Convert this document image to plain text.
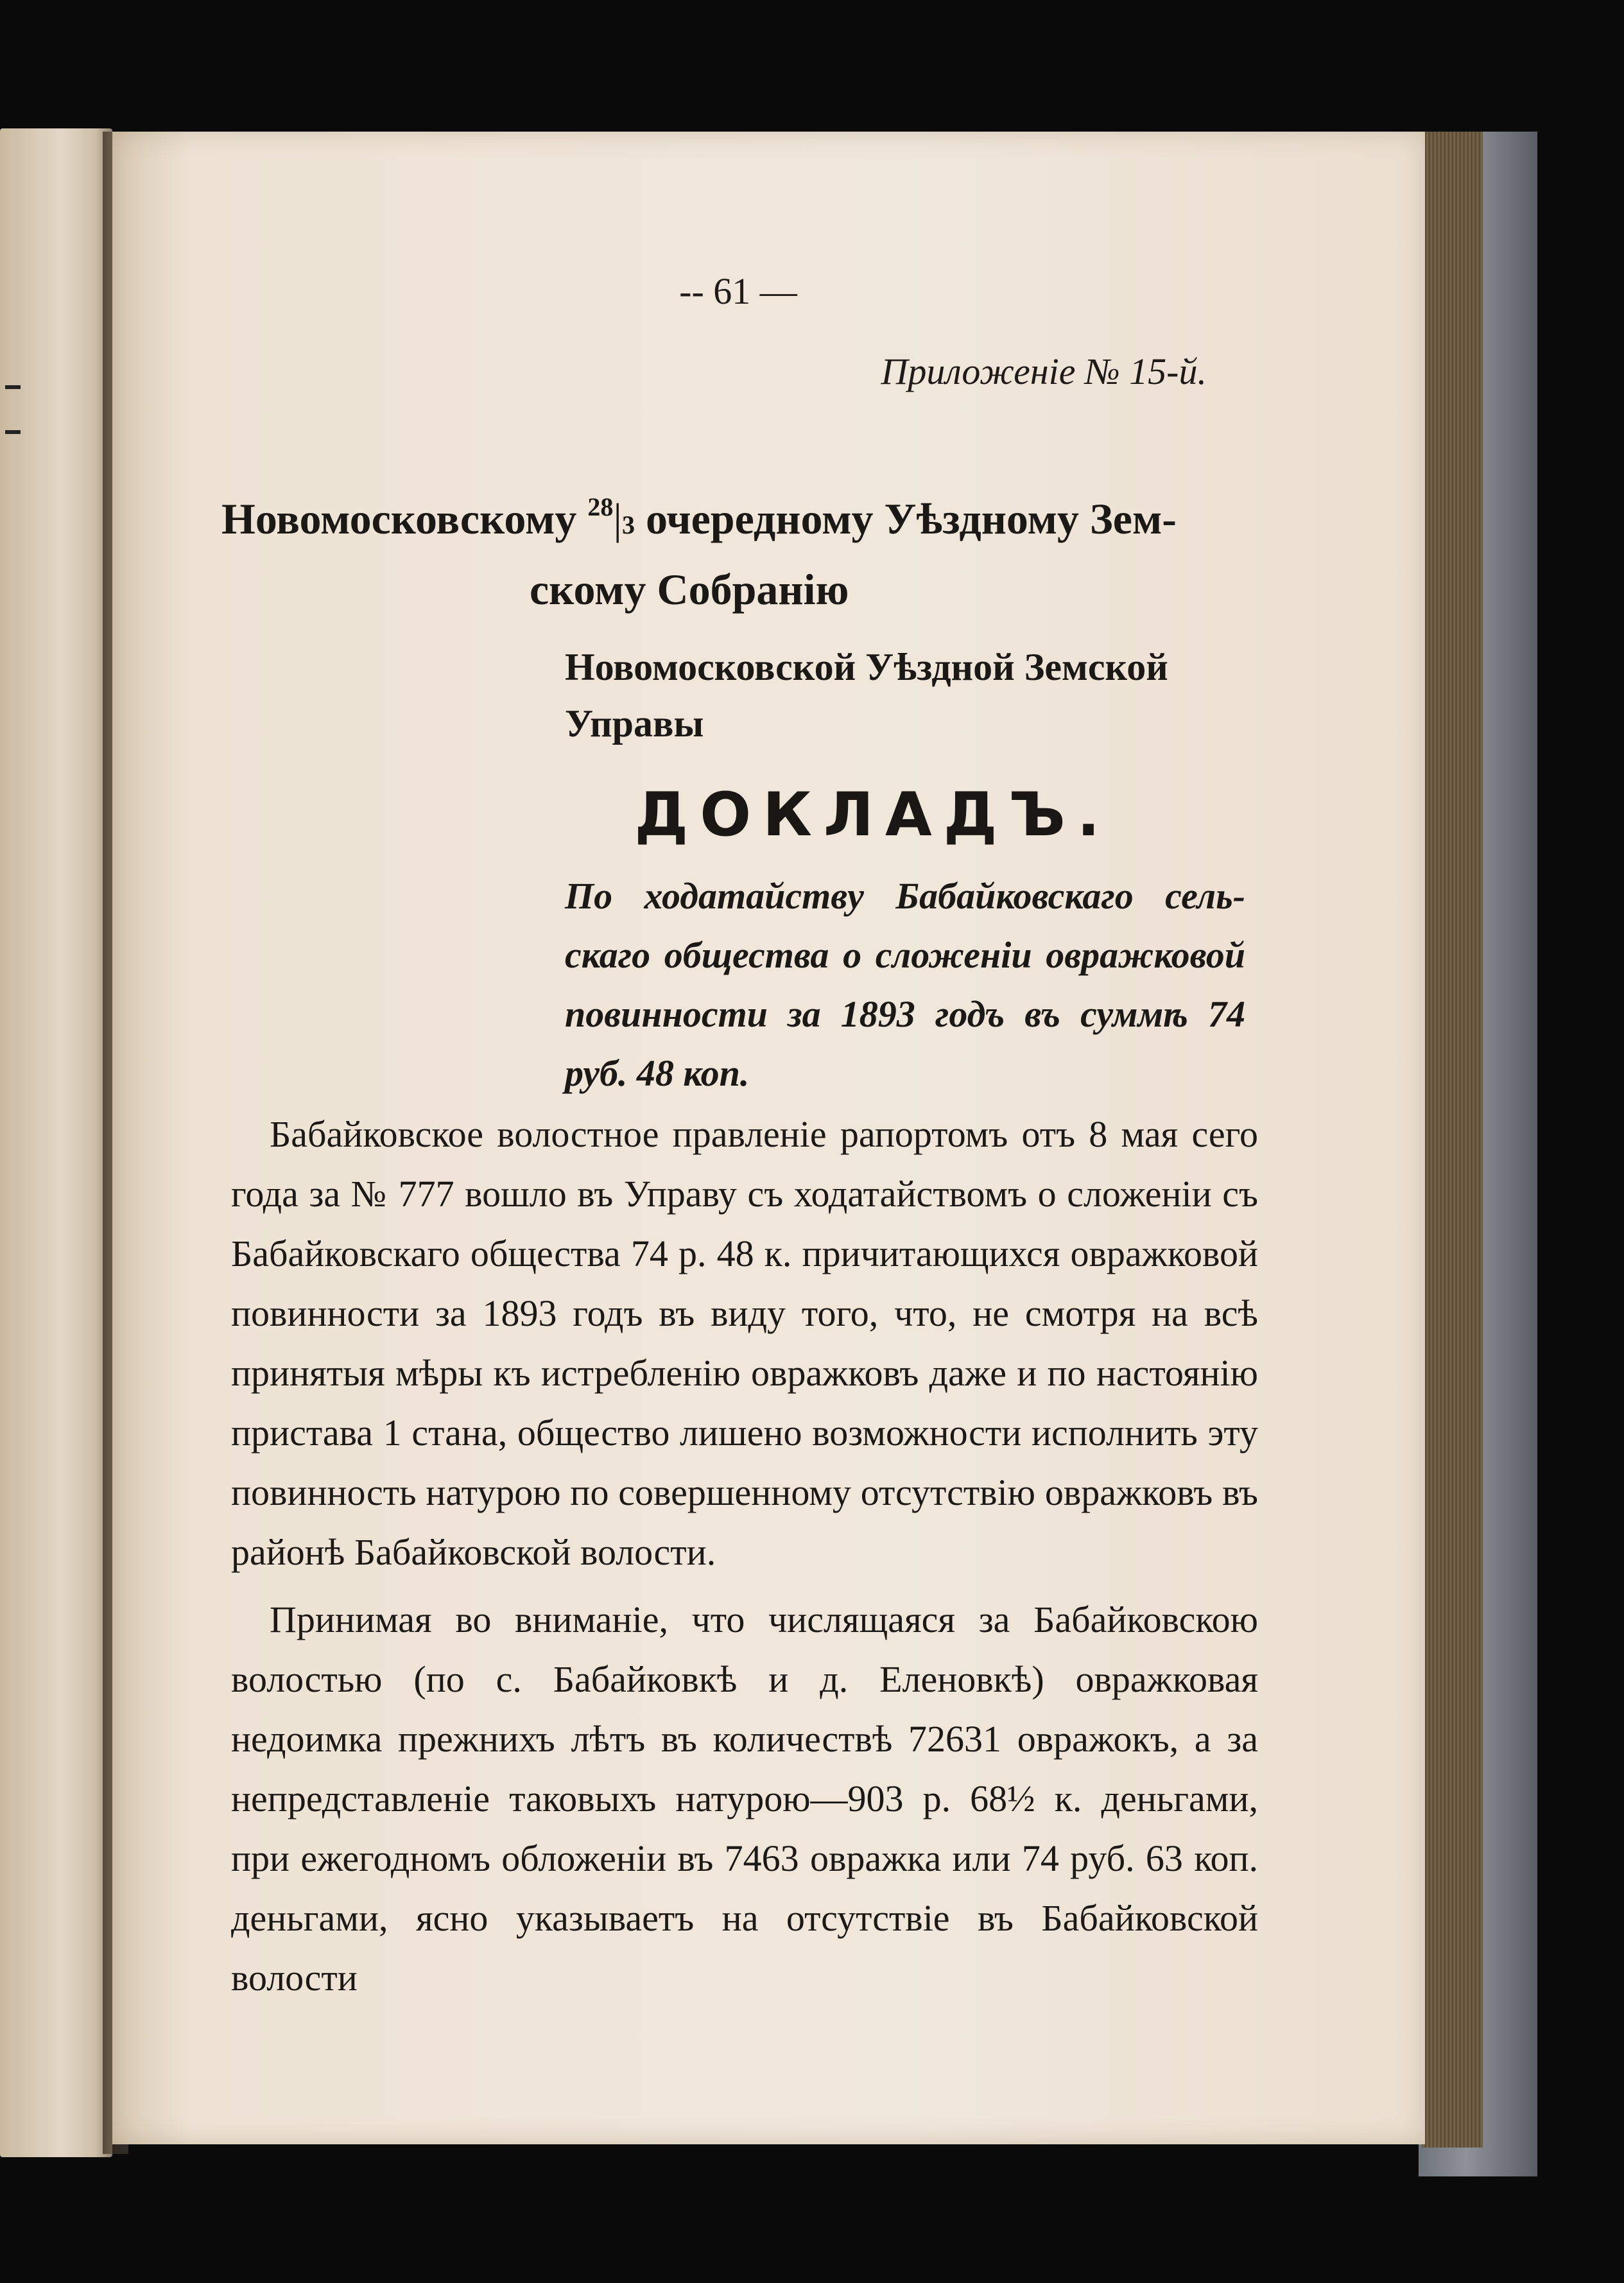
-- 61 —
Приложеніе № 15-й.
Новомосковскому $^{28}$|3 очередному Уѣздному Зем-
скому Собранію
Новомосковской Уѣздной Земской Управы
ДОКЛАДЪ.
По ходатайству Бабайковскаго сель-скаго общества о сложеніи овражковой повинности за 1893 годъ въ суммѣ 74 руб. 48 коп.

Бабайковское волостное правленіе рапортомъ отъ 8 мая сего года за № 777 вошло въ Управу съ ходатайствомъ о сложеніи съ Бабайковскаго общества 74 р. 48 к. причитающихся овражковой повинности за 1893 годъ въ виду того, что, не смотря на всѣ принятыя мѣры къ истребленію овражковъ даже и по настоянію пристава 1 стана, общество лишено возможности исполнить эту повинность натурою по совершенному отсутствію овражковъ въ районѣ Бабайковской волости.

Принимая во вниманіе, что числящаяся за Бабайковскою волостью (по с. Бабайковкѣ и д. Еленовкѣ) овражковая недоимка прежнихъ лѣтъ въ количествѣ 72631 овражокъ, а за непредставленіе таковыхъ натурою—903 р. 68½ к. деньгами, при ежегодномъ обложеніи въ 7463 овражка или 74 руб. 63 коп. деньгами, ясно указываетъ на отсутствіе въ Бабайковской волости
